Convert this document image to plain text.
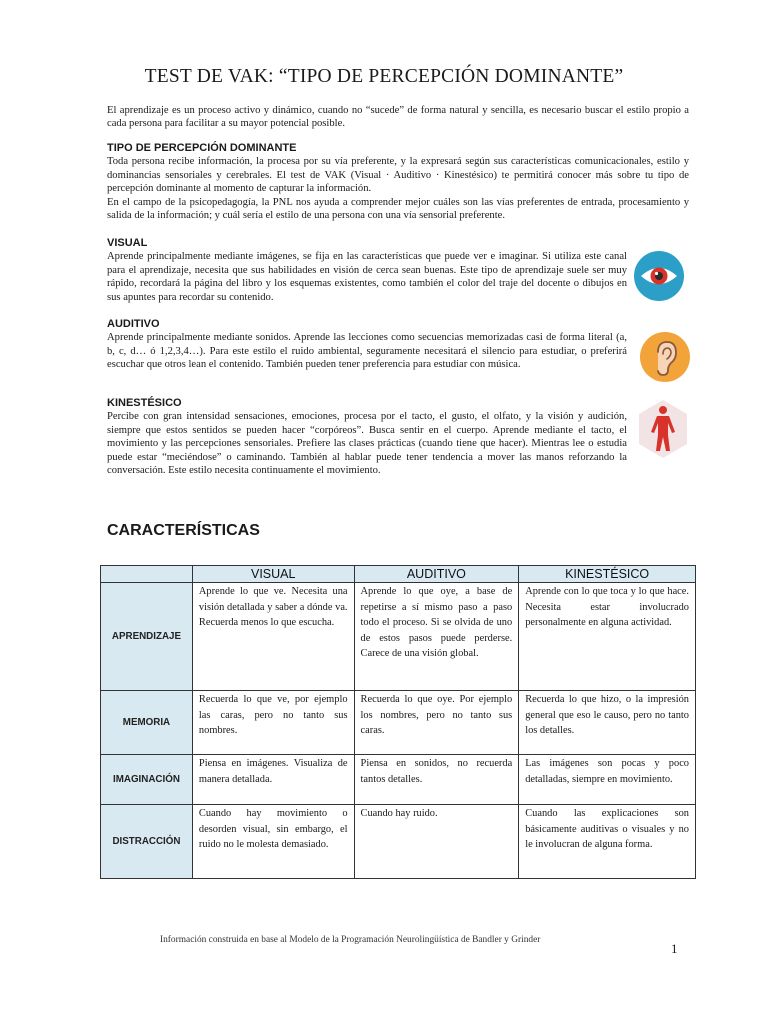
TEST DE VAK: “TIPO DE PERCEPCIÓN DOMINANTE”

El aprendizaje es un proceso activo y dinámico, cuando no “sucede” de forma natural y sencilla, es necesario buscar el estilo propio a cada persona para facilitar a su mayor potencial posible.

TIPO DE PERCEPCIÓN DOMINANTE

Toda persona recibe información, la procesa por su vía preferente, y la expresará según sus características comunicacionales, estilo y dominancias sensoriales y cerebrales. El test de VAK (Visual · Auditivo · Kinestésico) te permitirá conocer más sobre tu tipo de percepción dominante al momento de capturar la información.

En el campo de la psicopedagogía, la PNL nos ayuda a comprender mejor cuáles son las vías preferentes de entrada, procesamiento y salida de la información; y cuál sería el estilo de una persona con una vía sensorial preferente.

VISUAL

Aprende principalmente mediante imágenes, se fija en las características que puede ver e imaginar. Si utiliza este canal para el aprendizaje, necesita que sus habilidades en visión de cerca sean buenas. Este tipo de aprendizaje suele ser muy rápido, recordará la página del libro y los esquemas existentes, como también el color del traje del docente o dibujos en sus apuntes para recordar su contenido.

AUDITIVO

Aprende principalmente mediante sonidos. Aprende las lecciones como secuencias memorizadas casi de forma literal (a, b, c, d… ó 1,2,3,4…). Para este estilo el ruido ambiental, seguramente necesitará el silencio para estudiar, o preferirá escuchar que otros lean el contenido. También pueden tener preferencia para estudiar con música.

KINESTÉSICO

Percibe con gran intensidad sensaciones, emociones, procesa por el tacto, el gusto, el olfato, y la visión y audición, siempre que estos sentidos se pueden hacer “corpóreos”. Busca sentir en el cuerpo. Aprende mediante el tacto, el movimiento y las percepciones sensoriales. Prefiere las clases prácticas (cuando tiene que hacer). Mientras lee o estudia puede estar “meciéndose” o caminando. También al hablar puede tener tendencia a mover las manos reforzando la conversación. Este estilo necesita continuamente el movimiento.

CARACTERÍSTICAS
	VISUAL	AUDITIVO	KINESTÉSICO
APRENDIZAJE	Aprende lo que ve. Necesita una visión detallada y saber a dónde va. Recuerda menos lo que escucha.	Aprende lo que oye, a base de repetirse a sí mismo paso a paso todo el proceso. Si se olvida de uno de estos pasos puede perderse. Carece de una visión global.	Aprende con lo que toca y lo que hace. Necesita estar involucrado personalmente en alguna actividad.
MEMORIA	Recuerda lo que ve, por ejemplo las caras, pero no tanto sus nombres.	Recuerda lo que oye. Por ejemplo los nombres, pero no tanto sus caras.	Recuerda lo que hizo, o la impresión general que eso le causo, pero no tanto los detalles.
IMAGINACIÓN	Piensa en imágenes. Visualiza de manera detallada.	Piensa en sonidos, no recuerda tantos detalles.	Las imágenes son pocas y poco detalladas, siempre en movimiento.
DISTRACCIÓN	Cuando hay movimiento o desorden visual, sin embargo, el ruido no le molesta demasiado.	Cuando hay ruido.	Cuando las explicaciones son básicamente auditivas o visuales y no le involucran de alguna forma.
Información construida en base al Modelo de la Programación Neurolingüística de Bandler y Grinder
1
